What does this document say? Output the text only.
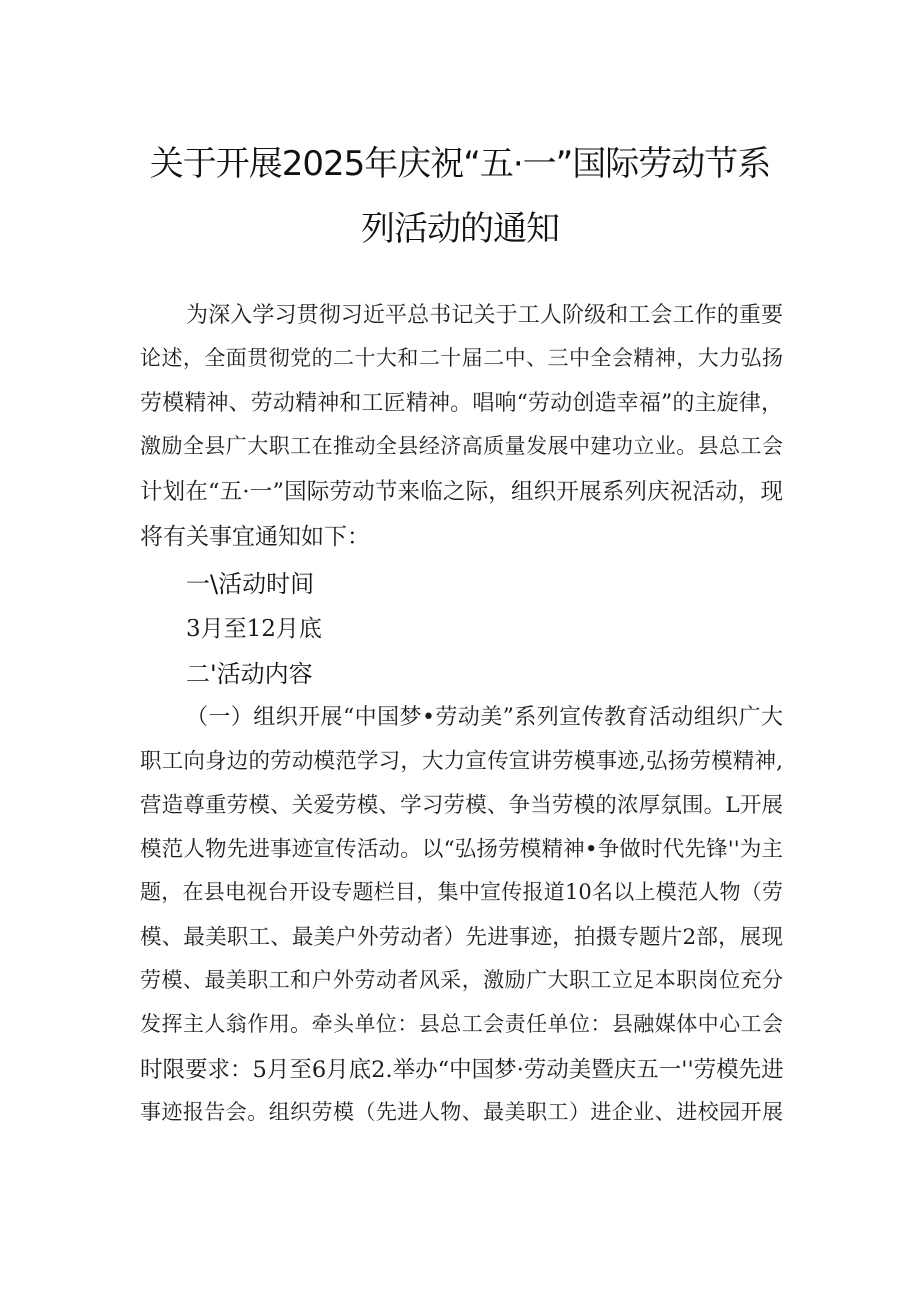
关于开展2025年庆祝“五·一”国际劳动节系
列活动的通知
为深入学习贯彻习近平总书记关于工人阶级和工会工作的重要
论述，全面贯彻党的二十大和二十届二中、三中全会精神，大力弘扬
劳模精神、劳动精神和工匠精神。唱响“劳动创造幸福”的主旋律，
激励全县广大职工在推动全县经济高质量发展中建功立业。县总工会
计划在“五·一”国际劳动节来临之际，组织开展系列庆祝活动，现
将有关事宜通知如下：
一\活动时间
3月至12月底
二'活动内容
（一）组织开展“中国梦•劳动美”系列宣传教育活动组织广大
职工向身边的劳动模范学习，大力宣传宣讲劳模事迹,弘扬劳模精神,
营造尊重劳模、关爱劳模、学习劳模、争当劳模的浓厚氛围。L开展
模范人物先进事迹宣传活动。以“弘扬劳模精神•争做时代先锋''为主
题，在县电视台开设专题栏目，集中宣传报道10名以上模范人物（劳
模、最美职工、最美户外劳动者）先进事迹，拍摄专题片2部，展现
劳模、最美职工和户外劳动者风采，激励广大职工立足本职岗位充分
发挥主人翁作用。牵头单位：县总工会责任单位：县融媒体中心工会
时限要求：5月至6月底2.举办“中国梦·劳动美暨庆五一''劳模先进
事迹报告会。组织劳模（先进人物、最美职工）进企业、进校园开展
